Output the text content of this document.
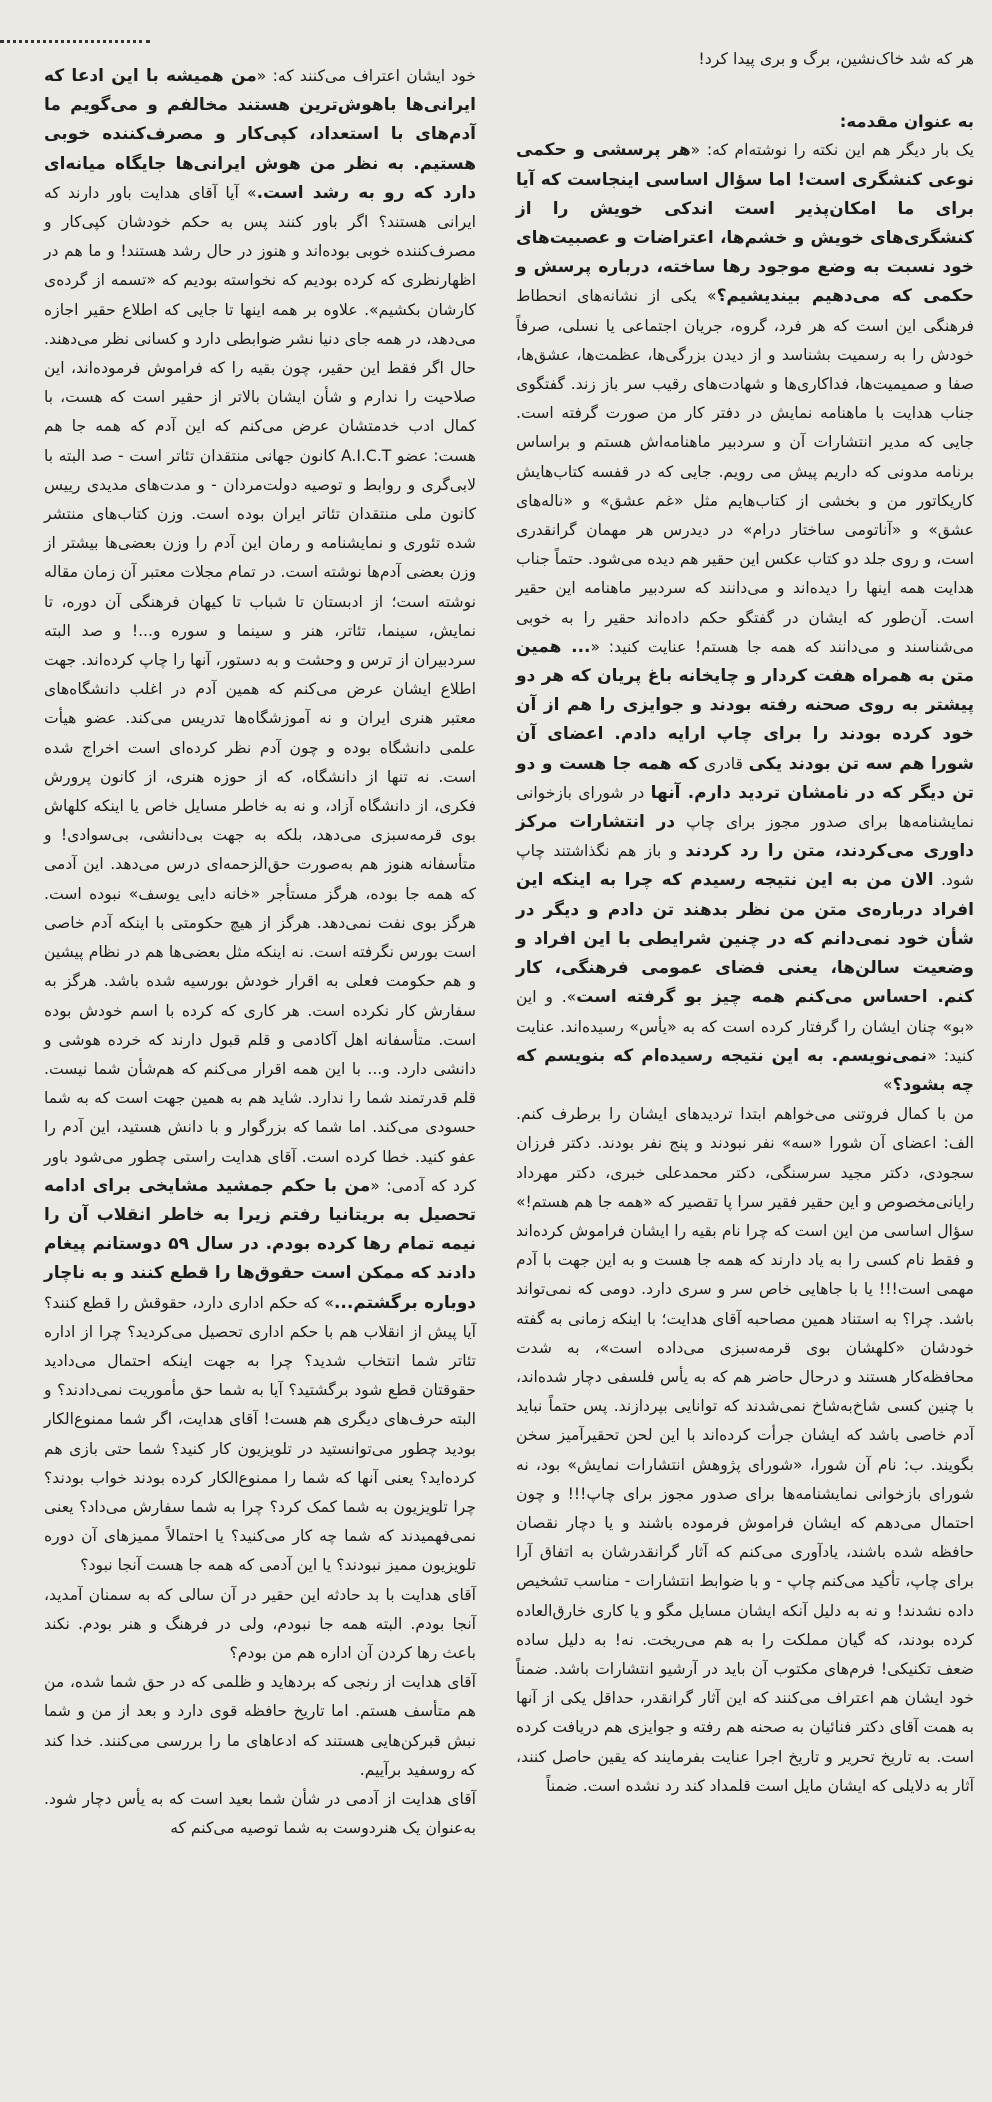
هر که شد خاک‌نشین، برگ و بری پیدا کرد!

به عنوان مقدمه:

یک بار دیگر هم این نکته را نوشته‌ام که: «هر پرسشی و حکمی نوعی کنشگری است! اما سؤال اساسی اینجاست که آیا برای ما امکان‌پذیر است اندکی خویش را از کنشگری‌های خویش و خشم‌ها، اعتراضات و عصبیت‌های خود نسبت به وضع موجود رها ساخته، درباره پرسش و حکمی که می‌دهیم بیندیشیم؟» یکی از نشانه‌های انحطاط فرهنگی این است که هر فرد، گروه، جریان اجتماعی یا نسلی، صرفاً خودش را به رسمیت بشناسد و از دیدن بزرگی‌ها، عظمت‌ها، عشق‌ها، صفا و صمیمیت‌ها، فداکاری‌ها و شهادت‌های رقیب سر باز زند. گفتگوی جناب هدایت با ماهنامه نمایش در دفتر کار من صورت گرفته است. جایی که مدیر انتشارات آن و سردبیر ماهنامه‌اش هستم و براساس برنامه مدونی که داریم پیش می رویم. جایی که در قفسه کتاب‌هایش کاریکاتور من و بخشی از کتاب‌هایم مثل «غم عشق» و «ناله‌های عشق» و «آناتومی ساختار درام» در دیدرس هر مهمان گرانقدری است، و روی جلد دو کتاب عکس این حقیر هم دیده می‌شود. حتماً جناب هدایت همه اینها را دیده‌اند و می‌دانند که سردبیر ماهنامه این حقیر است. آن‌طور که ایشان در گفتگو حکم داده‌اند حقیر را به خوبی می‌شناسند و می‌دانند که همه جا هستم! عنایت کنید: «... همین متن به همراه هفت کردار و چایخانه باغ پریان که هر دو پیشتر به روی صحنه رفته بودند و جوایزی را هم از آن خود کرده بودند را برای چاپ ارایه دادم. اعضای آن شورا هم سه تن بودند یکی قادری که همه جا هست و دو تن دیگر که در نامشان تردید دارم. آنها در شورای بازخوانی نمایشنامه‌ها برای صدور مجوز برای چاپ در انتشارات مرکز داوری می‌کردند، متن را رد کردند و باز هم نگذاشتند چاپ شود. الان من به این نتیجه رسیدم که چرا به اینکه این افراد درباره‌ی متن من نظر بدهند تن دادم و دیگر در شأن خود نمی‌دانم که در چنین شرایطی با این افراد و وضعیت سالن‌ها، یعنی فضای عمومی فرهنگی، کار کنم. احساس می‌کنم همه چیز بو گرفته است». و این «بو» چنان ایشان را گرفتار کرده است که به «یأس» رسیده‌اند. عنایت کنید: «نمی‌نویسم. به این نتیجه رسیده‌ام که بنویسم که چه بشود؟»

من با کمال فروتنی می‌خواهم ابتدا تردیدهای ایشان را برطرف کنم. الف: اعضای آن شورا «سه» نفر نبودند و پنج نفر بودند. دکتر فرزان سجودی، دکتر مجید سرسنگی، دکتر محمدعلی خبری، دکتر مهرداد رایانی‌مخصوص و این حقیر فقیر سرا پا تقصیر که «همه جا هم هستم!» سؤال اساسی من این است که چرا نام بقیه را ایشان فراموش کرده‌اند و فقط نام کسی را به یاد دارند که همه جا هست و به این جهت با آدم مهمی است!!! یا با جاهایی خاص سر و سری دارد. دومی که نمی‌تواند باشد. چرا؟ به استناد همین مصاحبه آقای هدایت؛ با اینکه زمانی به گفته خودشان «کلهشان بوی قرمه‌سبزی می‌داده است»، به شدت محافظه‌کار هستند و درحال حاضر هم که به یأس فلسفی دچار شده‌اند، با چنین کسی شاخ‌به‌شاخ نمی‌شدند که توانایی بپردازند. پس حتماً نباید آدم خاصی باشد که ایشان جرأت کرده‌اند با این لحن تحقیرآمیز سخن بگویند. ب: نام آن شورا، «شورای پژوهش انتشارات نمایش» بود، نه شورای بازخوانی نمایشنامه‌ها برای صدور مجوز برای چاپ!!! و چون احتمال می‌دهم که ایشان فراموش فرموده باشند و یا دچار نقصان حافظه شده باشند، یادآوری می‌کنم که آثار گرانقدرشان به اتفاق آرا برای چاپ، تأکید می‌کنم چاپ - و با ضوابط انتشارات - مناسب تشخیص داده نشدند! و نه به دلیل آنکه ایشان مسایل مگو و یا کاری خارق‌العاده کرده بودند، که گیان مملکت را به هم می‌ریخت. نه! به دلیل ساده ضعف تکنیکی! فرم‌های مکتوب آن باید در آرشیو انتشارات باشد. ضمناً خود ایشان هم اعتراف می‌کنند که این آثار گرانقدر، حداقل یکی از آنها به همت آقای دکتر فنائیان به صحنه هم رفته و جوایزی هم دریافت کرده است. به تاریخ تحریر و تاریخ اجرا عنایت بفرمایند که یقین حاصل کنند، آثار به دلایلی که ایشان مایل است قلمداد کند رد نشده است. ضمناً

خود ایشان اعتراف می‌کنند که: «من همیشه با این ادعا که ایرانی‌ها باهوش‌ترین هستند مخالفم و می‌گویم ما آدم‌های با استعداد، کپی‌کار و مصرف‌کننده خوبی هستیم. به نظر من هوش ایرانی‌ها جایگاه میانه‌ای دارد که رو به رشد است.» آیا آقای هدایت باور دارند که ایرانی هستند؟ اگر باور کنند پس به حکم خودشان کپی‌کار و مصرف‌کننده خوبی بوده‌اند و هنوز در حال رشد هستند! و ما هم در اظهارنظری که کرده بودیم که نخواسته بودیم که «تسمه از گرده‌ی کارشان بکشیم». علاوه بر همه اینها تا جایی که اطلاع حقیر اجازه می‌دهد، در همه جای دنیا نشر ضوابطی دارد و کسانی نظر می‌دهند. حال اگر فقط این حقیر، چون بقیه را که فراموش فرموده‌اند، این صلاحیت را ندارم و شأن ایشان بالاتر از حقیر است که هست، با کمال ادب خدمتشان عرض می‌کنم که این آدم که همه جا هم هست: عضو A.I.C.T کانون جهانی منتقدان تئاتر است - صد البته با لابی‌گری و روابط و توصیه دولت‌مردان - و مدت‌های مدیدی رییس کانون ملی منتقدان تئاتر ایران بوده است. وزن کتاب‌های منتشر شده تئوری و نمایشنامه و رمان این آدم را وزن بعضی‌ها بیشتر از وزن بعضی آدم‌ها نوشته است. در تمام مجلات معتبر آن زمان مقاله نوشته است؛ از ادبستان تا شباب تا کیهان فرهنگی آن دوره، تا نمایش، سینما، تئاتر، هنر و سینما و سوره و...! و صد البته سردبیران از ترس و وحشت و به دستور، آنها را چاپ کرده‌اند. جهت اطلاع ایشان عرض می‌کنم که همین آدم در اغلب دانشگاه‌های معتبر هنری ایران و نه آموزشگاه‌ها تدریس می‌کند. عضو هیأت علمی دانشگاه بوده و چون آدم نظر کرده‌ای است اخراج شده است. نه تنها از دانشگاه، که از حوزه هنری، از کانون پرورش فکری، از دانشگاه آزاد، و نه به خاطر مسایل خاص یا اینکه کلهاش بوی قرمه‌سبزی می‌دهد، بلکه به جهت بی‌دانشی، بی‌سوادی! و متأسفانه هنوز هم به‌صورت حق‌الزحمه‌ای درس می‌دهد. این آدمی که همه جا بوده، هرگز مستأجر «خانه دایی یوسف» نبوده است. هرگز بوی نفت نمی‌دهد. هرگز از هیچ حکومتی با اینکه آدم خاصی است بورس نگرفته است. نه اینکه مثل بعضی‌ها هم در نظام پیشین و هم حکومت فعلی به اقرار خودش بورسیه شده باشد. هرگز به سفارش کار نکرده است. هر کاری که کرده با اسم خودش بوده است. متأسفانه اهل آکادمی و قلم قبول دارند که خرده هوشی و دانشی دارد. و... با این همه اقرار می‌کنم که هم‌شأن شما نیست. قلم قدرتمند شما را ندارد. شاید هم به همین جهت است که به شما حسودی می‌کند. اما شما که بزرگوار و با دانش هستید، این آدم را عفو کنید. خطا کرده است. آقای هدایت راستی چطور می‌شود باور کرد که آدمی: «من با حکم جمشید مشایخی برای ادامه تحصیل به بریتانیا رفتم زیرا به خاطر انقلاب آن را نیمه تمام رها کرده بودم. در سال ۵۹ دوستانم پیغام دادند که ممکن است حقوق‌ها را قطع کنند و به ناچار دوباره برگشتم...» که حکم اداری دارد، حقوقش را قطع کنند؟ آیا پیش از انقلاب هم با حکم اداری تحصیل می‌کردید؟ چرا از اداره تئاتر شما انتخاب شدید؟ چرا به جهت اینکه احتمال می‌دادید حقوقتان قطع شود برگشتید؟ آیا به شما حق مأموریت نمی‌دادند؟ و البته حرف‌های دیگری هم هست! آقای هدایت، اگر شما ممنوع‌الکار بودید چطور می‌توانستید در تلویزیون کار کنید؟ شما حتی بازی هم کرده‌اید؟ یعنی آنها که شما را ممنوع‌الکار کرده بودند خواب بودند؟ چرا تلویزیون به شما کمک کرد؟ چرا به شما سفارش می‌داد؟ یعنی نمی‌فهمیدند که شما چه کار می‌کنید؟ یا احتمالاً ممیزهای آن دوره تلویزیون ممیز نبودند؟ یا این آدمی که همه جا هست آنجا نبود؟

آقای هدایت با بد حادثه این حقیر در آن سالی که به سمنان آمدید، آنجا بودم. البته همه جا نبودم، ولی در فرهنگ و هنر بودم. نکند باعث رها کردن آن اداره هم من بودم؟

آقای هدایت از رنجی که بردهاید و ظلمی که در حق شما شده، من هم متأسف هستم. اما تاریخ حافظه قوی دارد و بعد از من و شما نبش قبرکن‌هایی هستند که ادعاهای ما را بررسی می‌کنند. خدا کند که روسفید برآییم.

آقای هدایت از آدمی در شأن شما بعید است که به یأس دچار شود. به‌عنوان یک هنردوست به شما توصیه می‌کنم که
